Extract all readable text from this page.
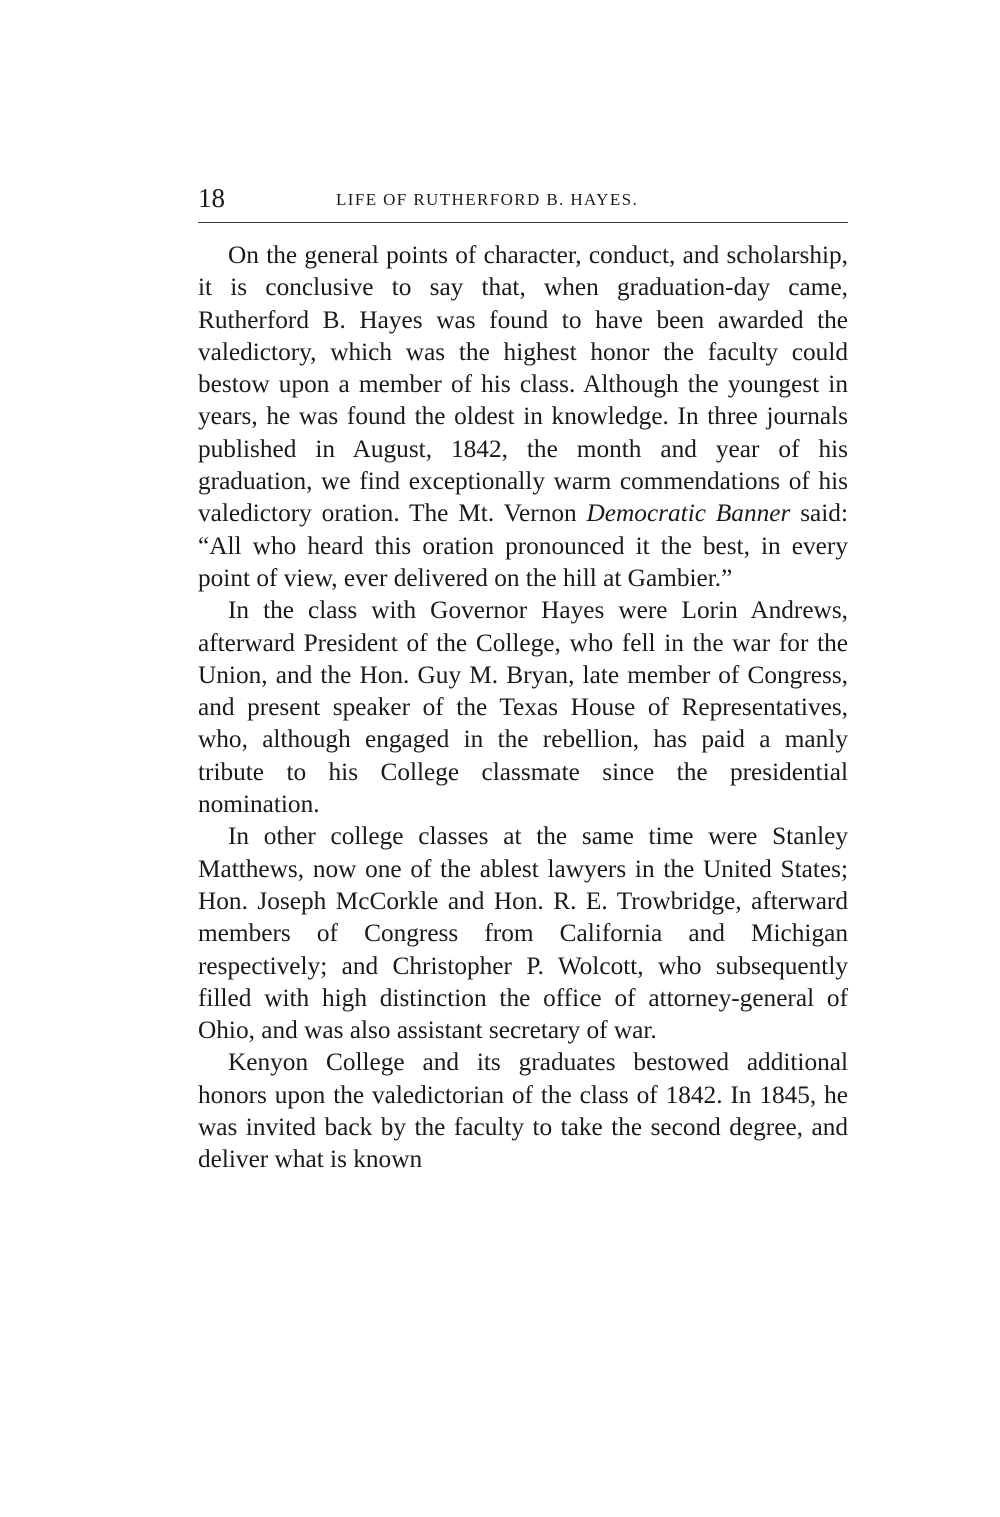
18	LIFE OF RUTHERFORD B. HAYES.

On the general points of character, conduct, and scholarship, it is conclusive to say that, when graduation-day came, Rutherford B. Hayes was found to have been awarded the valedictory, which was the highest honor the faculty could bestow upon a member of his class. Although the youngest in years, he was found the oldest in knowledge. In three journals published in August, 1842, the month and year of his graduation, we find exceptionally warm commendations of his valedictory oration. The Mt. Vernon Democratic Banner said: “All who heard this oration pronounced it the best, in every point of view, ever delivered on the hill at Gambier.”

In the class with Governor Hayes were Lorin Andrews, afterward President of the College, who fell in the war for the Union, and the Hon. Guy M. Bryan, late member of Congress, and present speaker of the Texas House of Representatives, who, although engaged in the rebellion, has paid a manly tribute to his College classmate since the presidential nomination.

In other college classes at the same time were Stanley Matthews, now one of the ablest lawyers in the United States; Hon. Joseph McCorkle and Hon. R. E. Trowbridge, afterward members of Congress from California and Michigan respectively; and Christopher P. Wolcott, who subsequently filled with high distinction the office of attorney-general of Ohio, and was also assistant secretary of war.

Kenyon College and its graduates bestowed additional honors upon the valedictorian of the class of 1842. In 1845, he was invited back by the faculty to take the second degree, and deliver what is known
